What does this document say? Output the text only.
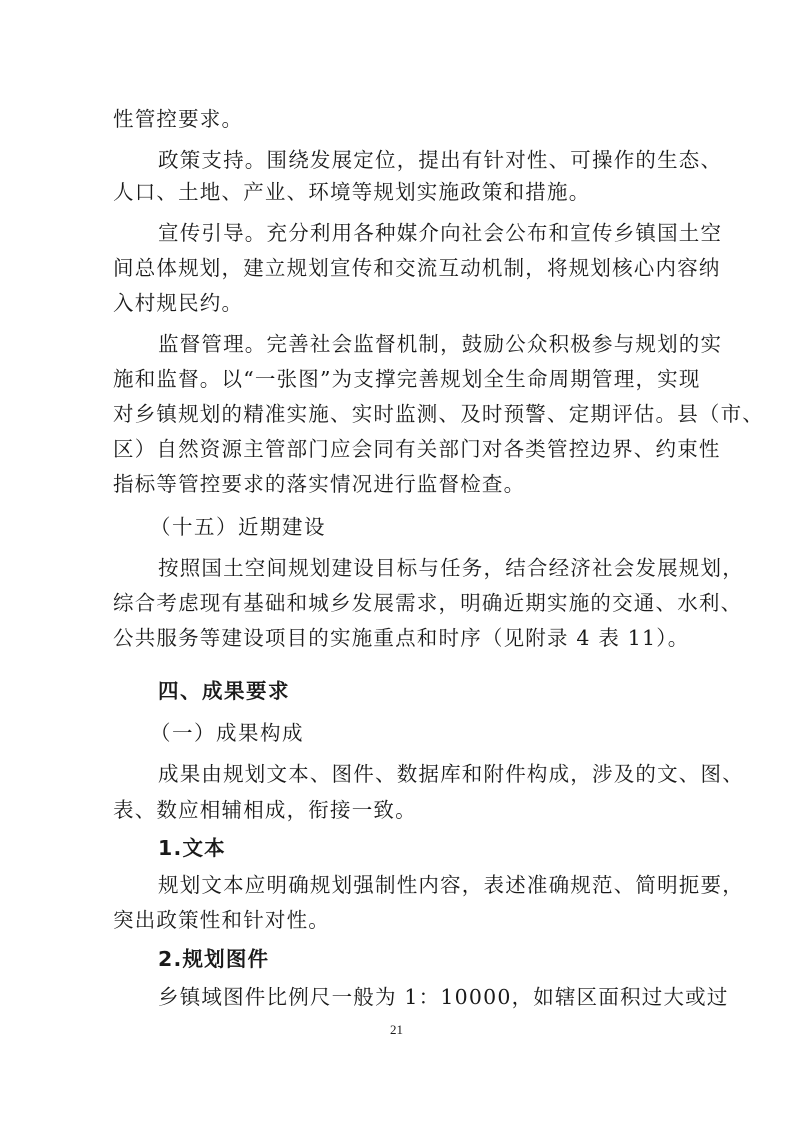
性管控要求。
政策支持。围绕发展定位，提出有针对性、可操作的生态、
人口、土地、产业、环境等规划实施政策和措施。
宣传引导。充分利用各种媒介向社会公布和宣传乡镇国土空
间总体规划，建立规划宣传和交流互动机制，将规划核心内容纳
入村规民约。
监督管理。完善社会监督机制，鼓励公众积极参与规划的实
施和监督。以“一张图”为支撑完善规划全生命周期管理，实现
对乡镇规划的精准实施、实时监测、及时预警、定期评估。县（市、
区）自然资源主管部门应会同有关部门对各类管控边界、约束性
指标等管控要求的落实情况进行监督检查。
（十五）近期建设
按照国土空间规划建设目标与任务，结合经济社会发展规划，
综合考虑现有基础和城乡发展需求，明确近期实施的交通、水利、
公共服务等建设项目的实施重点和时序（见附录 4 表 11）。
四、成果要求
（一）成果构成
成果由规划文本、图件、数据库和附件构成，涉及的文、图、
表、数应相辅相成，衔接一致。
1.文本
规划文本应明确规划强制性内容，表述准确规范、简明扼要，
突出政策性和针对性。
2.规划图件
乡镇域图件比例尺一般为 1：10000，如辖区面积过大或过
21
